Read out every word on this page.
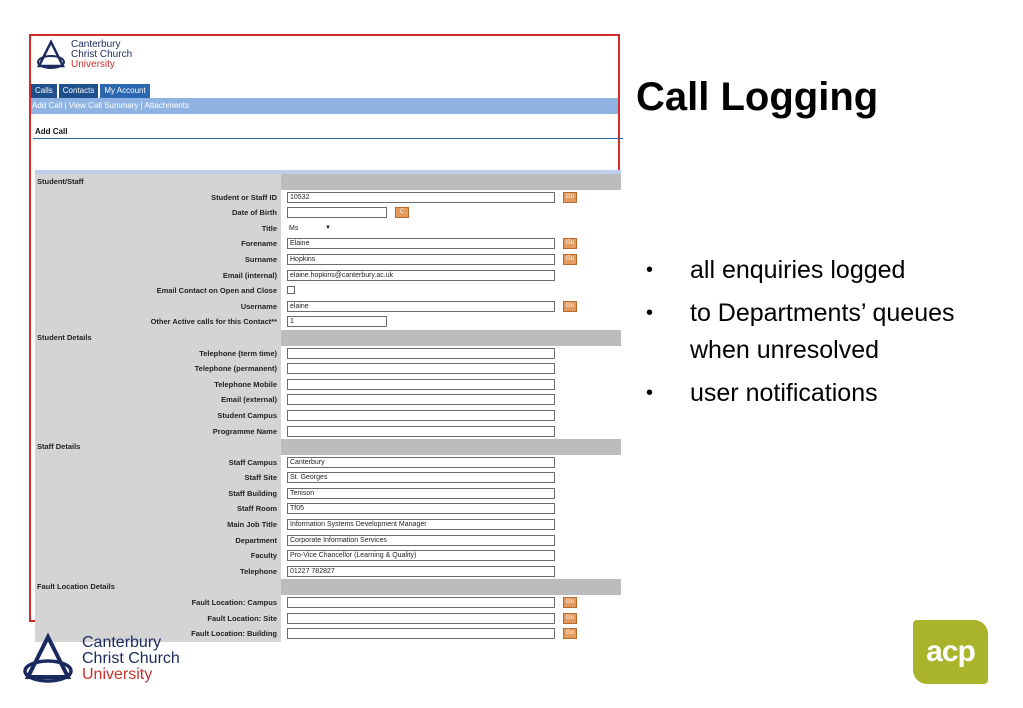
Canterbury
Christ Church
University
Calls	Contacts	My Account
Add Call | View Call Summary | Attachments
Add Call
Student/Staff
Student or Staff ID	10532	Go
Date of Birth	C
Title	Ms	▼
Forename	Elaine	Go
Surname	Hopkins	Go
Email (internal)	elaine.hopkins@canterbury.ac.uk
Email Contact on Open and Close
Username	elaine	Go
Other Active calls for this Contact**	1
Student Details
Telephone (term time)
Telephone (permanent)
Telephone Mobile
Email (external)
Student Campus
Programme Name
Staff Details
Staff Campus	Canterbury
Staff Site	St. Georges
Staff Building	Tenison
Staff Room	Tf05
Main Job Title	Information Systems Development Manager
Department	Corporate Information Services
Faculty	Pro-Vice Chancellor (Learning & Quality)
Telephone	01227 782827
Fault Location Details
Fault Location: Campus	Go
Fault Location: Site	Go
Fault Location: Building	Go
Call Logging
• all enquiries logged
• to Departments’ queues when unresolved
• user notifications
Canterbury
Christ Church
University
acp
